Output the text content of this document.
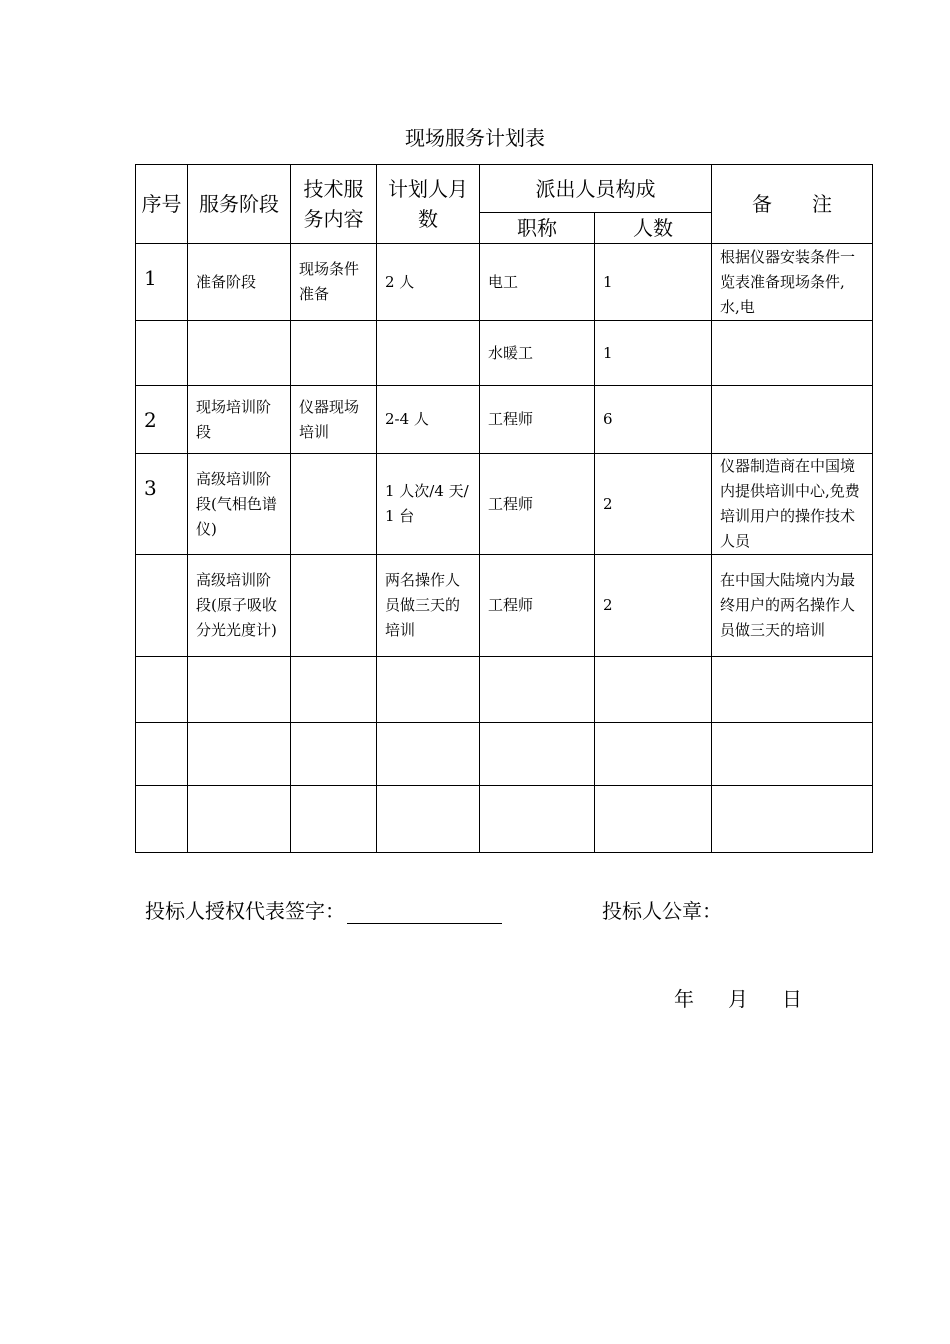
现场服务计划表
序号	服务阶段	技术服务内容	计划人月数	派出人员构成		备　　注
				职称	人数	

1	准备阶段	现场条件准备	2 人	电工	1	根据仪器安装条件一览表准备现场条件,水,电

				水暖工	1	

2	现场培训阶段	仪器现场培训	2-4 人	工程师	6	

3	高级培训阶段(气相色谱仪)		1 人次/4 天/1 台	工程师	2	仪器制造商在中国境内提供培训中心,免费培训用户的操作技术人员

	高级培训阶段(原子吸收分光光度计)		两名操作人员做三天的培训	工程师	2	在中国大陆境内为最终用户的两名操作人员做三天的培训

投标人授权代表签字：	投标人公章：
年 月 日
